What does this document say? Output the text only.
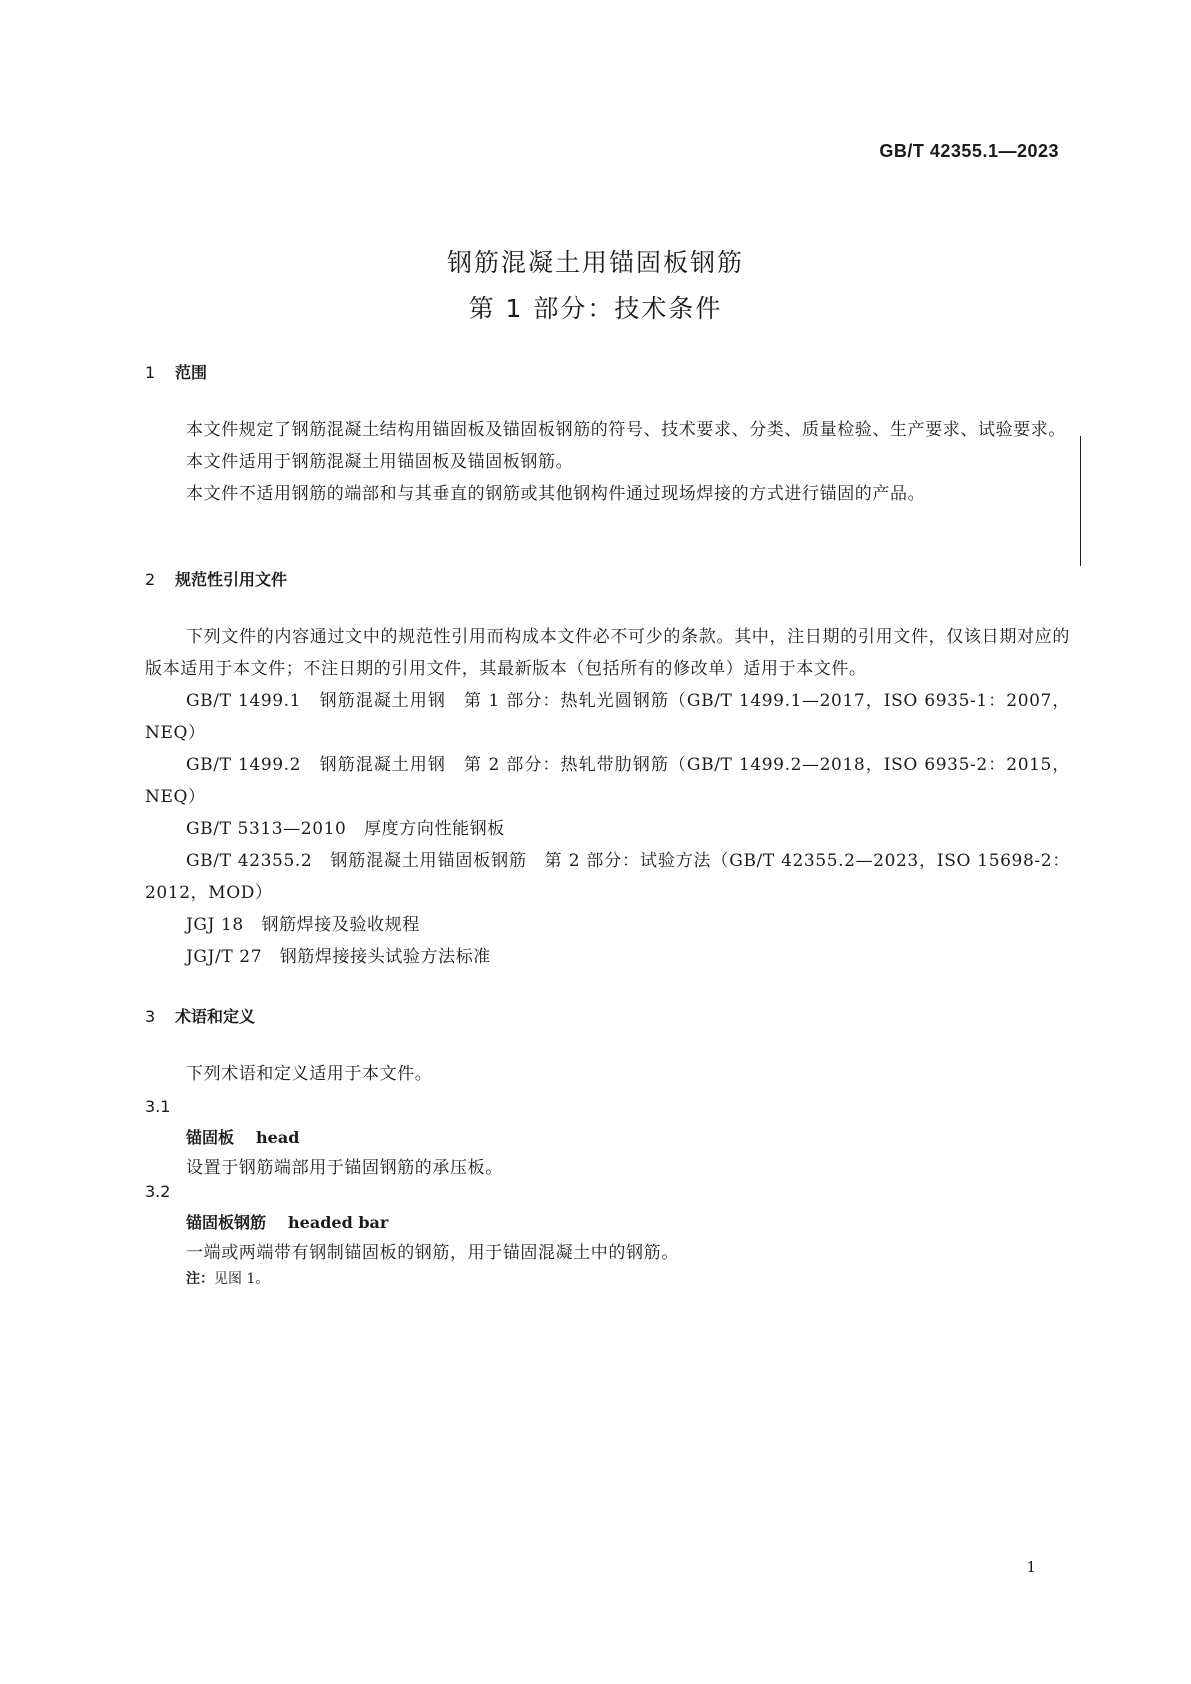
GB/T 42355.1—2023
钢筋混凝土用锚固板钢筋
第 1 部分：技术条件
1 范围

本文件规定了钢筋混凝土结构用锚固板及锚固板钢筋的符号、技术要求、分类、质量检验、生产要求、试验要求。

本文件适用于钢筋混凝土用锚固板及锚固板钢筋。

本文件不适用钢筋的端部和与其垂直的钢筋或其他钢构件通过现场焊接的方式进行锚固的产品。

2 规范性引用文件

下列文件的内容通过文中的规范性引用而构成本文件必不可少的条款。其中，注日期的引用文件，仅该日期对应的版本适用于本文件；不注日期的引用文件，其最新版本（包括所有的修改单）适用于本文件。

GB/T 1499.1　钢筋混凝土用钢　第 1 部分：热轧光圆钢筋（GB/T 1499.1—2017，ISO 6935-1：2007，NEQ）

GB/T 1499.2　钢筋混凝土用钢　第 2 部分：热轧带肋钢筋（GB/T 1499.2—2018，ISO 6935-2：2015，NEQ）

GB/T 5313—2010　厚度方向性能钢板

GB/T 42355.2　钢筋混凝土用锚固板钢筋　第 2 部分：试验方法（GB/T 42355.2—2023，ISO 15698-2：2012，MOD）

JGJ 18　钢筋焊接及验收规程

JGJ/T 27　钢筋焊接接头试验方法标准

3 术语和定义

下列术语和定义适用于本文件。

3.1
锚固板 head
设置于钢筋端部用于锚固钢筋的承压板。
3.2
锚固板钢筋 headed bar
一端或两端带有钢制锚固板的钢筋，用于锚固混凝土中的钢筋。
注：见图 1。
1
